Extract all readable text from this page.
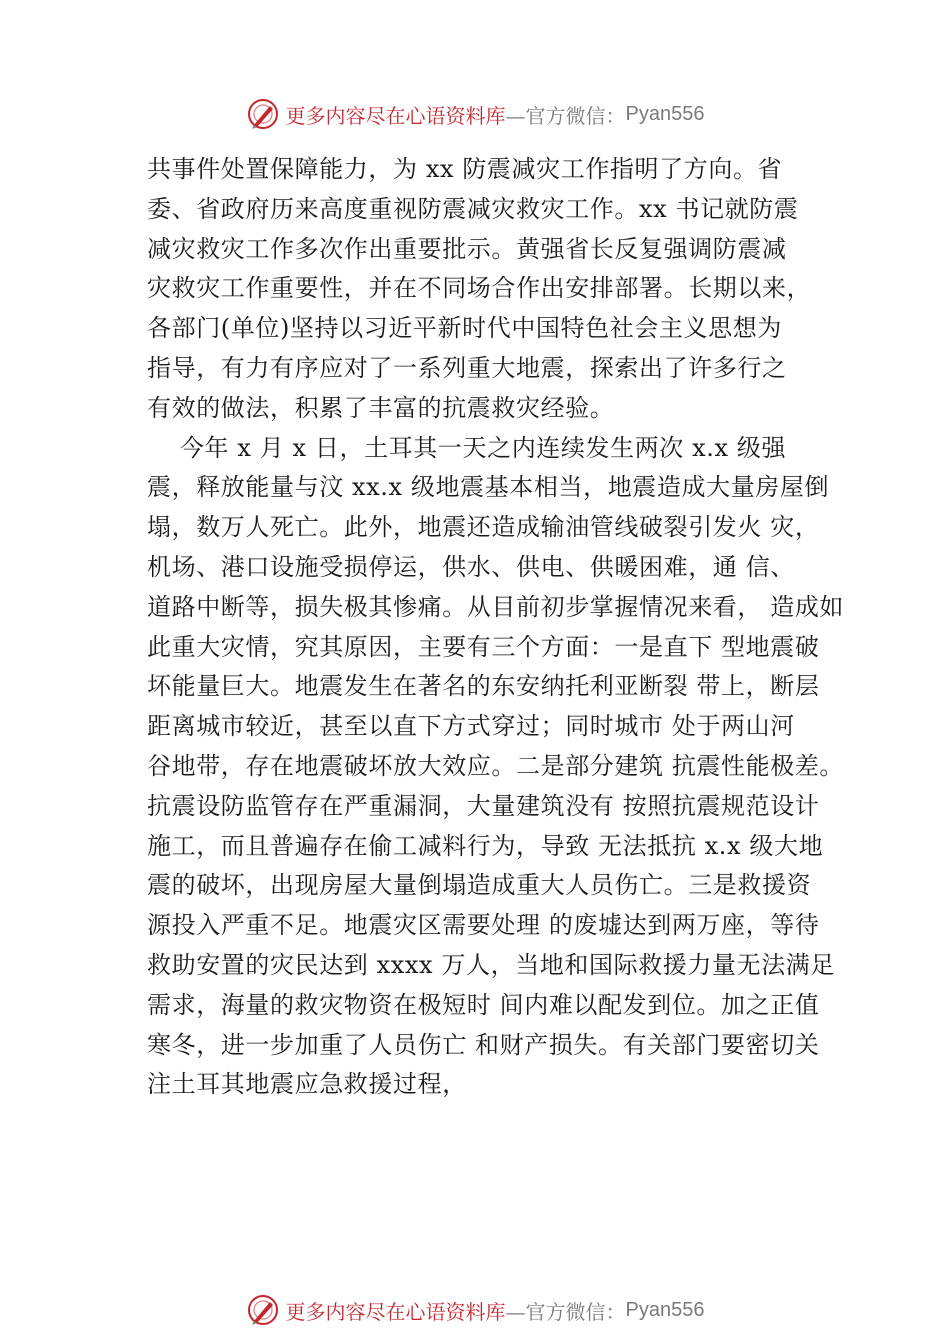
更多内容尽在心语资料库 —官方微信： Pyan556
共事件处置保障能力，为 xx 防震减灾工作指明了方向。省
委、省政府历来高度重视防震减灾救灾工作。xx 书记就防震
减灾救灾工作多次作出重要批示。黄强省长反复强调防震减
灾救灾工作重要性，并在不同场合作出安排部署。长期以来，
各部门(单位)坚持以习近平新时代中国特色社会主义思想为
指导，有力有序应对了一系列重大地震，探索出了许多行之
有效的做法，积累了丰富的抗震救灾经验。
今年 x 月 x 日，土耳其一天之内连续发生两次 x.x 级强
震，释放能量与汶 xx.x 级地震基本相当，地震造成大量房屋倒
塌，数万人死亡。此外，地震还造成输油管线破裂引发火 灾，
机场、港口设施受损停运，供水、供电、供暖困难，通 信、
道路中断等，损失极其惨痛。从目前初步掌握情况来看， 造成如
此重大灾情，究其原因，主要有三个方面：一是直下 型地震破
坏能量巨大。地震发生在著名的东安纳托利亚断裂 带上，断层
距离城市较近，甚至以直下方式穿过；同时城市 处于两山河
谷地带，存在地震破坏放大效应。二是部分建筑 抗震性能极差。
抗震设防监管存在严重漏洞，大量建筑没有 按照抗震规范设计
施工，而且普遍存在偷工减料行为，导致 无法抵抗 x.x 级大地
震的破坏，出现房屋大量倒塌造成重大人员伤亡。三是救援资
源投入严重不足。地震灾区需要处理 的废墟达到两万座，等待
救助安置的灾民达到 xxxx 万人，当地和国际救援力量无法满足
需求，海量的救灾物资在极短时 间内难以配发到位。加之正值
寒冬，进一步加重了人员伤亡 和财产损失。有关部门要密切关
注土耳其地震应急救援过程，
更多内容尽在心语资料库 —官方微信： Pyan556
